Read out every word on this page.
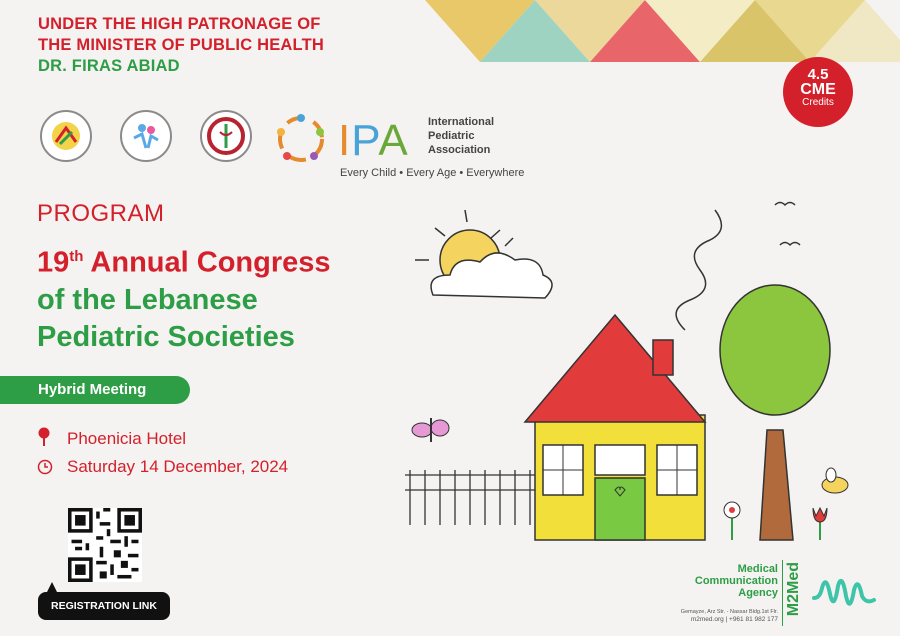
UNDER THE HIGH PATRONAGE OF
THE MINISTER OF PUBLIC HEALTH
DR. FIRAS ABIAD
IPA International
Pediatric
Association
Every Child • Every Age • Everywhere
4.5
CME
Credits
PROGRAM
19th Annual Congress
of the Lebanese
Pediatric Societies
Hybrid Meeting
Phoenicia Hotel
Saturday 14 December, 2024
REGISTRATION LINK
Medical
Communication
Agency
Gemayze, Arz Str. - Nassar Bldg.1st Flr.
m2med.org | +961 81 982 177
M2Med
